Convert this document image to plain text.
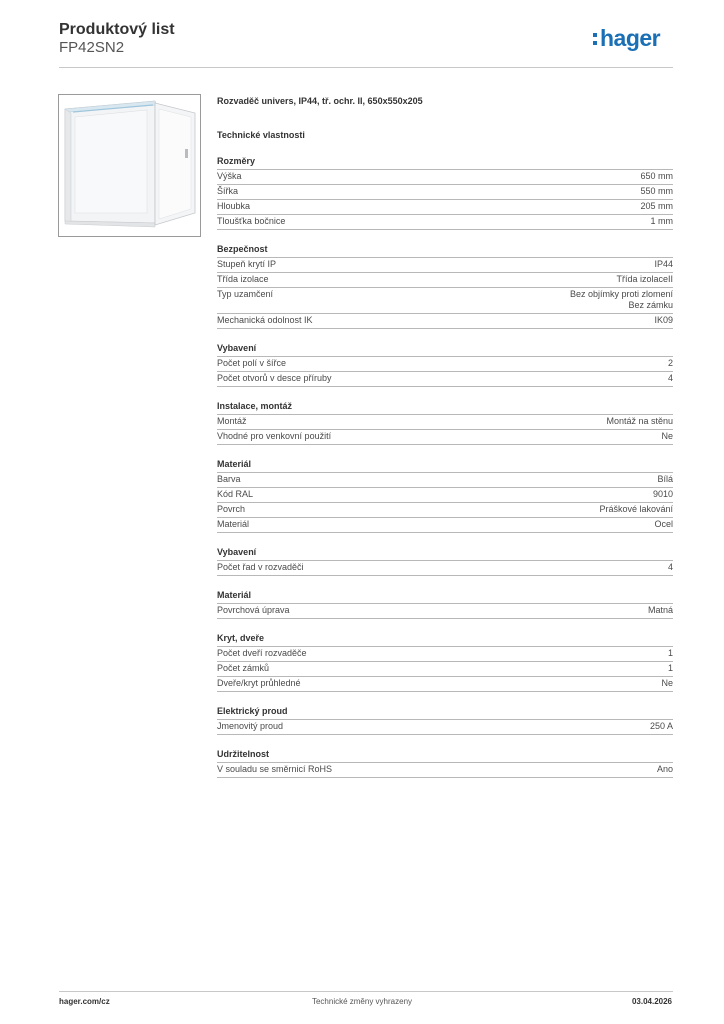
Produktový list
FP42SN2	hager
Rozvaděč univers, IP44, tř. ochr. II, 650x550x205
Technické vlastnosti
Rozměry
Výška	650 mm
Šířka	550 mm
Hloubka	205 mm
Tloušťka bočnice	1 mm
Bezpečnost
Stupeň krytí IP	IP44
Třída izolace	Třída izolaceII
Typ uzamčení	Bez objímky proti zlomení
Bez zámku
Mechanická odolnost IK	IK09
Vybavení
Počet polí v šířce	2
Počet otvorů v desce příruby	4
Instalace, montáž
Montáž	Montáž na stěnu
Vhodné pro venkovní použití	Ne
Materiál
Barva	Bílá
Kód RAL	9010
Povrch	Práškové lakování
Materiál	Ocel
Vybavení
Počet řad v rozvaděči	4
Materiál
Povrchová úprava	Matná
Kryt, dveře
Počet dveří rozvaděče	1
Počet zámků	1
Dveře/kryt průhledné	Ne
Elektrický proud
Jmenovitý proud	250 A
Udržitelnost
V souladu se směrnicí RoHS	Ano
hager.com/cz	Technické změny vyhrazeny	03.04.2026
